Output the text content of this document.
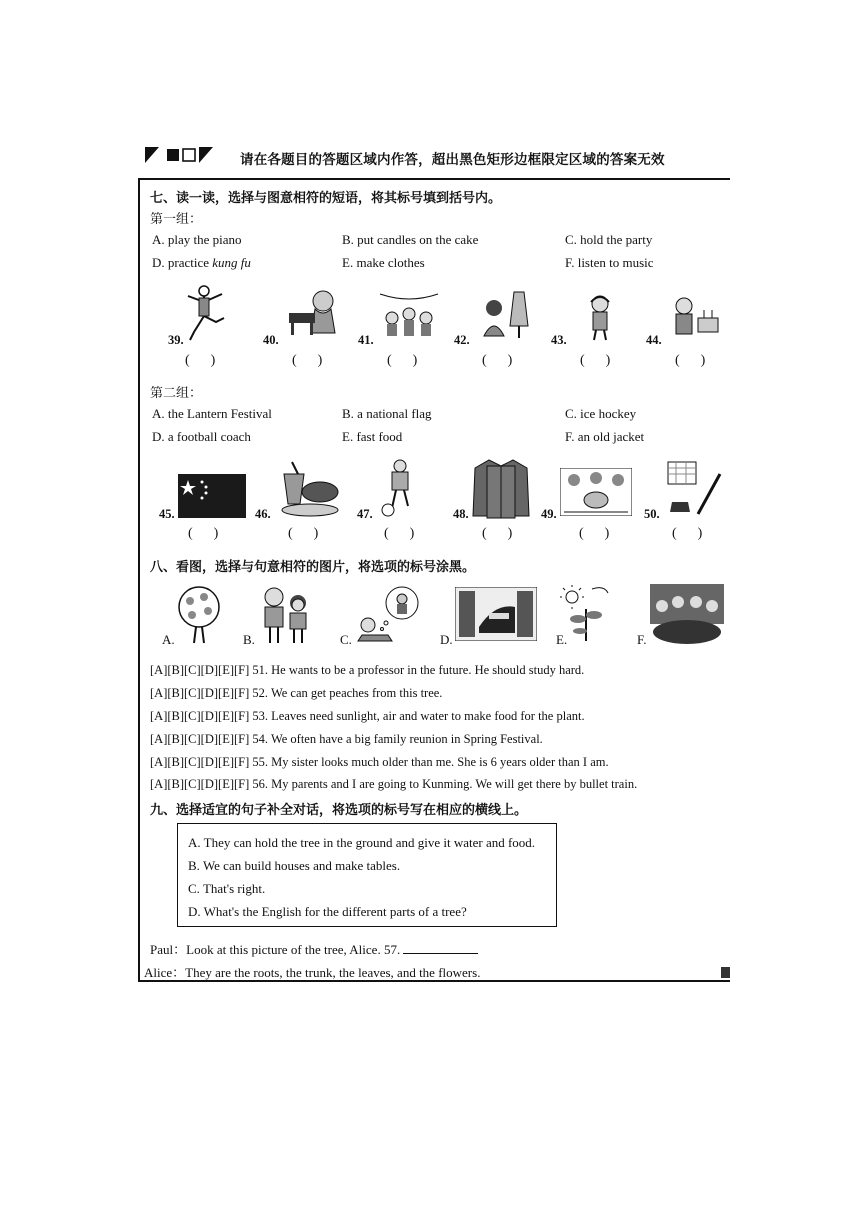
请在各题目的答题区域内作答，超出黑色矩形边框限定区域的答案无效
七、读一读，选择与图意相符的短语，将其标号填到括号内。
第一组：
A. play the piano	B. put candles on the cake	C. hold the party
D. practice kung fu	E. make clothes	F. listen to music
39.	40.	41.	42.	43.	44.
(      )	(      )	(      )	(      )	(      )	(      )
第二组：
A. the Lantern Festival	B. a national flag	C. ice hockey
D. a football coach	E. fast food	F. an old jacket
45.	46.	47.	48.	49.	50.
(      )	(      )	(      )	(      )	(      )	(      )
八、看图，选择与句意相符的图片，将选项的标号涂黑。
A.	B.	C.	D.	E.	F.
[A][B][C][D][E][F] 51. He wants to be a professor in the future. He should study hard.
[A][B][C][D][E][F] 52. We can get peaches from this tree.
[A][B][C][D][E][F] 53. Leaves need sunlight, air and water to make food for the plant.
[A][B][C][D][E][F] 54. We often have a big family reunion in Spring Festival.
[A][B][C][D][E][F] 55. My sister looks much older than me. She is 6 years older than I am.
[A][B][C][D][E][F] 56. My parents and I are going to Kunming. We will get there by bullet train.
九、选择适宜的句子补全对话，将选项的标号写在相应的横线上。
A. They can hold the tree in the ground and give it water and food.
B. We can build houses and make tables.
C. That's right.
D. What's the English for the different parts of a tree?
Paul：Look at this picture of the tree, Alice. 57.
Alice：They are the roots, the trunk, the leaves, and the flowers.
